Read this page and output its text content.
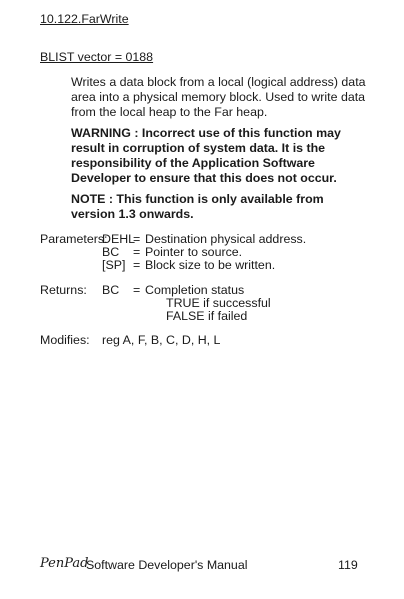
10.122.FarWrite
BLIST vector = 0188
Writes a data block from a local (logical address) data area into a physical memory block. Used to write data from the local heap to the Far heap.
WARNING : Incorrect use of this function may result in corruption of system data. It is the responsibility of the Application Software Developer to ensure that this does not occur.
NOTE : This function is only available from version 1.3 onwards.
Parameters:
DEHL
= Destination physical address.
BC = Pointer to source.
[SP] = Block size to be written.
Returns: BC = Completion status
TRUE if successful
FALSE if failed
Modifies: reg A, F, B, C, D, H, L
PenPad
Software Developer's Manual	119
